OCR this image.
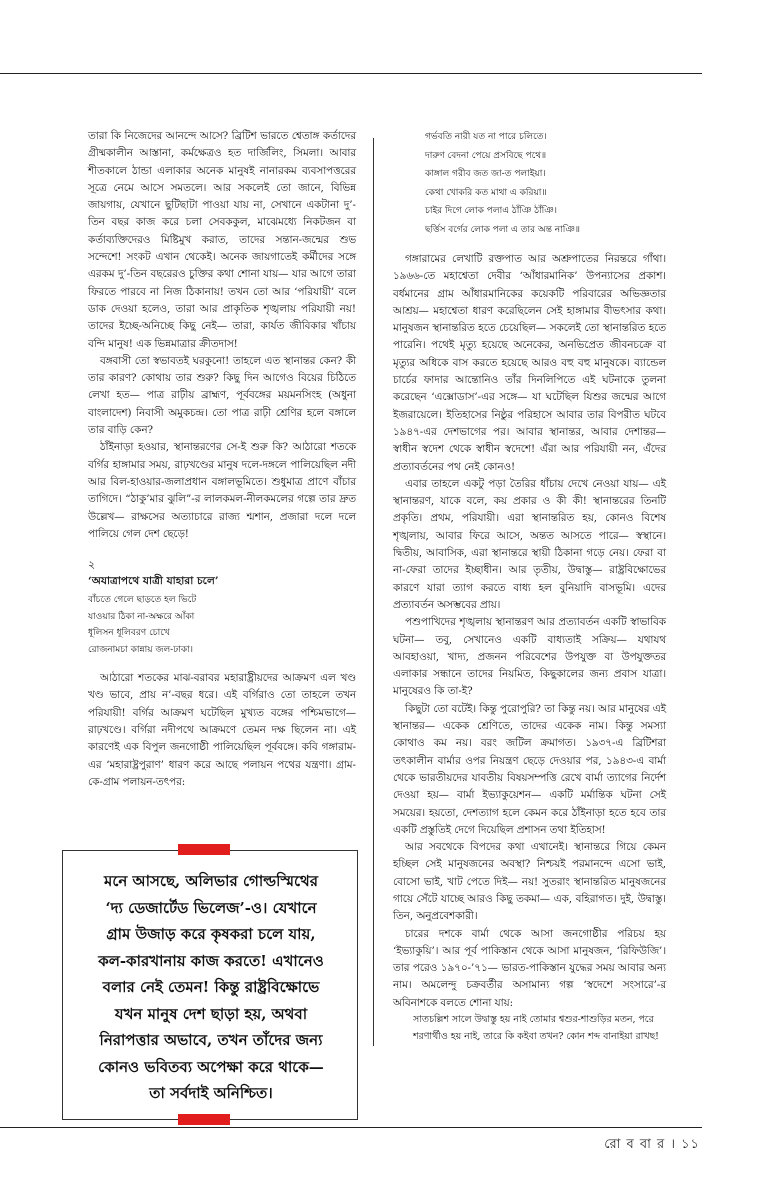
তারা কি নিজেদের আনন্দে আসে? ব্রিটিশ ভারতে শ্বেতাঙ্গ কর্তাদের গ্রীষ্মকালীন আস্তানা, কর্মক্ষেত্রও হত দার্জিলিং, সিমলা। আবার শীতকালে ঠান্ডা এলাকার অনেক মানুষই নানারকম ব্যবসাপত্তরের সূত্রে নেমে আসে সমতলে। আর সকলেই তো জানে, বিভিন্ন জায়গায়, যেখানে ছুটিছাটা পাওয়া যায় না, সেখানে একটানা দু’-তিন বছর কাজ করে চলা সেবককুল, মাঝেমধ্যে নিকটজন বা কর্তাব্যক্তিদেরও মিষ্টিমুখ করাত, তাদের সন্তান-জন্মের শুভ সন্দেশে! সংকট এখান থেকেই। অনেক জায়গাতেই কর্মীদের সঙ্গে এরকম দু’-তিন বছরেরও চুক্তির কথা শোনা যায়— যার আগে তারা ফিরতে পারবে না নিজ ঠিকানায়! তখন তো আর ‘পরিযায়ী’ বলে ডাক দেওয়া হলেও, তারা আর প্রাকৃতিক শৃঙ্খলায় পরিযায়ী নয়! তাদের ইচ্ছে-অনিচ্ছে কিছু নেই— তারা, কার্যত জীবিকার খাঁচায় বন্দি মানুষ! এক ভিন্নমাত্রার ক্রীতদাস!

বঙ্গবাসী তো স্বভাবতই ঘরকুনো! তাহলে এত স্থানান্তর কেন? কী তার কারণ? কোথায় তার শুরু? কিছু দিন আগেও বিয়ের চিঠিতে লেখা হত— পাত্র রাঢ়ীয় ব্রাহ্মণ, পূর্ববঙ্গের ময়মনসিংহ (অধুনা বাংলাদেশ) নিবাসী অমুকচন্দ্র। তো পাত্র রাঢ়ী শ্রেণির হলে বঙ্গালে তার বাড়ি কেন?

ঠাঁইনাড়া হওয়ার, স্থানান্তরণের সে-ই শুরু কি? আঠারো শতকে বর্গির হাঙ্গামার সময়, রাঢ়খণ্ডের মানুষ দলে-দঙ্গলে পালিয়েছিল নদী আর বিল-হাওয়ার-জলাপ্রধান বঙ্গালভূমিতে। শুধুমাত্র প্রাণে বাঁচার তাগিদে। “ঠাকু’মার ঝুলি”-র লালকমল-নীলকমলের গল্পে তার দ্রুত উল্লেখ— রাক্ষসের অত্যাচারে রাজ্য শ্মশান, প্রজারা দলে দলে পালিয়ে গেল দেশ ছেড়ে!

২

‘অযাত্রাপথে যাত্রী যাহারা চলে’

বাঁচতে গেলে ছাড়তে হল ভিটে
যাওয়ার ঠিকা না-অক্ষরে আঁকা
ধূলিসন ধূলিবরণ চোখে
রোজনামচা কান্নায় জল-ঢাকা।

আঠারো শতকের মাঝ-বরাবর মহারাষ্ট্রীয়দের আক্রমণ এল খণ্ড খণ্ড ভাবে, প্রায় ন’-বছর ধরে। এই বর্গিরাও তো তাহলে তখন পরিযায়ী! বর্গির আক্রমণ ঘটেছিল মুখ্যত বঙ্গের পশ্চিমভাগে— রাঢ়খণ্ডে। বর্গিরা নদীপথে আক্রমণে তেমন দক্ষ ছিলেন না। এই কারণেই এক বিপুল জনগোষ্ঠী পালিয়েছিল পূর্ববঙ্গে। কবি গঙ্গারাম-এর ‘মহারাষ্ট্রপুরাণ’ ধারণ করে আছে পলায়ন পথের যন্ত্রণা। গ্রাম-কে-গ্রাম পলায়ন-তৎপর:

মনে আসছে, অলিভার গোল্ডস্মিথের
‘দ্য ডেজার্টেড ভিলেজ’-ও। যেখানে
গ্রাম উজাড় করে কৃষকরা চলে যায়,
কল-কারখানায় কাজ করতে! এখানেও
বলার নেই তেমন! কিন্তু রাষ্ট্রবিক্ষোভে
যখন মানুষ দেশ ছাড়া হয়, অথবা
নিরাপত্তার অভাবে, তখন তাঁদের জন্য
কোনও ভবিতব্য অপেক্ষা করে থাকে—
তা সর্বদাই অনিশ্চিত।
গর্ভবতি নারী যত না পারে চলিতে।
দারুণ বেদনা পেয়ে প্রসবিছে পথে॥
কাঙ্গাল গরীব জত জা-ত পলাইয়া।
কেথা খোকরি কত মাথা এ করিয়া॥
চাইর দিগে লোক পলাএ ঠাঁঞি ঠাঁঞি।
ছর্ত্তিস বর্গের লোক পলা এ তার অন্ত নাঞি॥

গঙ্গারামের লেখাটি রক্তপাত আর অশ্রুপাতের নিরন্তরে গাঁথা। ১৯৬৬-তে মহাশ্বেতা দেবীর ‘আঁধারমানিক’ উপন্যাসের প্রকাশ। বর্ধমানের গ্রাম আঁধারমানিকের কয়েকটি পরিবারের অভিজ্ঞতার আশ্রয়— মহাশ্বেতা ধারণ করেছিলেন সেই হাঙ্গামার বীভৎসার কথা। মানুষজন স্থানান্তরিত হতে চেয়েছিল— সকলেই তো স্থানান্তরিত হতে পারেনি। পথেই মৃত্যু হয়েছে অনেকের, অনভিপ্রেত জীবনচক্রে বা মৃত্যুর অধিকে বাস করতে হয়েছে আরও বহু বহু মানুষকে। ব্যান্ডেল চার্চের ফাদার আন্তোনিও তাঁর দিনলিপিতে এই ঘটনাকে তুলনা করেছেন ‘এক্সোডাস’-এর সঙ্গে— যা ঘটেছিল যিশুর জন্মের আগে ইজরায়েলে। ইতিহাসের নিষ্ঠুর পরিহাসে আবার তার বিপরীত ঘটবে ১৯৪৭-এর দেশভাগের পর। আবার স্থানান্তর, আবার দেশান্তর— স্বাধীন স্বদেশ থেকে স্বাধীন স্বদেশে! এঁরা আর পরিযায়ী নন, এঁদের প্রত্যাবর্তনের পথ নেই কোনও!

এবার তাহলে একটু পড়া তৈরির ধাঁচায় দেখে নেওয়া যায়— এই স্থানান্তরণ, যাকে বলে, কয় প্রকার ও কী কী! স্থানান্তরের তিনটি প্রকৃতি। প্রথম, পরিযায়ী। এরা স্থানান্তরিত হয়, কোনও বিশেষ শৃঙ্খলায়, আবার ফিরে আসে, অন্তত আসতে পারে— স্বস্থানে। দ্বিতীয়, আবাসিক, এরা স্থানান্তরে স্থায়ী ঠিকানা গড়ে নেয়। ফেরা বা না-ফেরা তাদের ইচ্ছাধীন। আর তৃতীয়, উদ্বাস্তু— রাষ্ট্রবিক্ষোভের কারণে যারা ত্যাগ করতে বাধ্য হল বুনিয়াদি বাসভূমি। এদের প্রত্যাবর্তন অসম্ভবের প্রায়।

পশুপাখিদের শৃঙ্খলায় স্থানান্তরণ আর প্রত্যাবর্তন একটি স্বাভাবিক ঘটনা— তবু, সেখানেও একটি বাধ্যতাই সক্রিয়— যথাযথ আবহাওয়া, খাদ্য, প্রজনন পরিবেশের উপযুক্ত বা উপযুক্ততর এলাকার সন্ধানে তাদের নিয়মিত, কিছুকালের জন্য প্রবাস যাত্রা। মানুষেরও কি তা-ই?

কিছুটা তো বটেই। কিন্তু পুরোপুরি? তা কিন্তু নয়। আর মানুষের এই স্থানান্তর— একেক শ্রেণিতে, তাদের একেক নাম। কিন্তু সমস্যা কোথাও কম নয়। বরং জটিল ক্রমাগত। ১৯৩৭-এ ব্রিটিশরা তৎকালীন বার্মার ওপর নিয়ন্ত্রণ ছেড়ে দেওয়ার পর, ১৯৪৩-এ বার্মা থেকে ভারতীয়দের যাবতীয় বিষয়সম্পত্তি রেখে বার্মা ত্যাগের নির্দেশ দেওয়া হয়— বার্মা ইভ্যাকুয়েশন— একটি মর্মান্তিক ঘটনা সেই সময়ের। হয়তো, দেশত্যাগ হলে কেমন করে ঠাঁইনাড়া হতে হবে তার একটি প্রস্তুতিই দেগে দিয়েছিল প্রশাসন তথা ইতিহাস!

আর সবথেকে বিপদের কথা এখানেই। স্থানান্তরে গিয়ে কেমন হচ্ছিল সেই মানুষজনের অবস্থা? নিশ্চয়ই পরমানন্দে এসো ভাই, বোসো ভাই, খাট পেতে দিই— নয়! সুতরাং স্থানান্তরিত মানুষজনের গায়ে সেঁটে যাচ্ছে আরও কিছু তকমা— এক, বহিরাগত। দুই, উদ্বাস্তু। তিন, অনুপ্রবেশকারী।

চারের দশকে বার্মা থেকে আসা জনগোষ্ঠীর পরিচয় হয় ‘ইভ্যাকুয়ি’। আর পূর্ব পাকিস্তান থেকে আসা মানুষজন, ‘রিফিউজি’। তার পরেও ১৯৭০-’৭১— ভারত-পাকিস্তান যুদ্ধের সময় আবার অন্য নাম। অমলেন্দু চক্রবর্তীর অসামান্য গল্প ‘স্বদেশে সংসারে’-র অবিনাশকে বলতে শোনা যায়:

সাতচল্লিশ সালে উদ্বাস্তু হয় নাই তোমার শ্বশুর-শাশুড়ির মতন, পরে শরণার্থীও হয় নাই, তারে কি কইবা তখন? কোন শব্দ বানাইয়া রাখছ!

রো ব বা র । ১১
